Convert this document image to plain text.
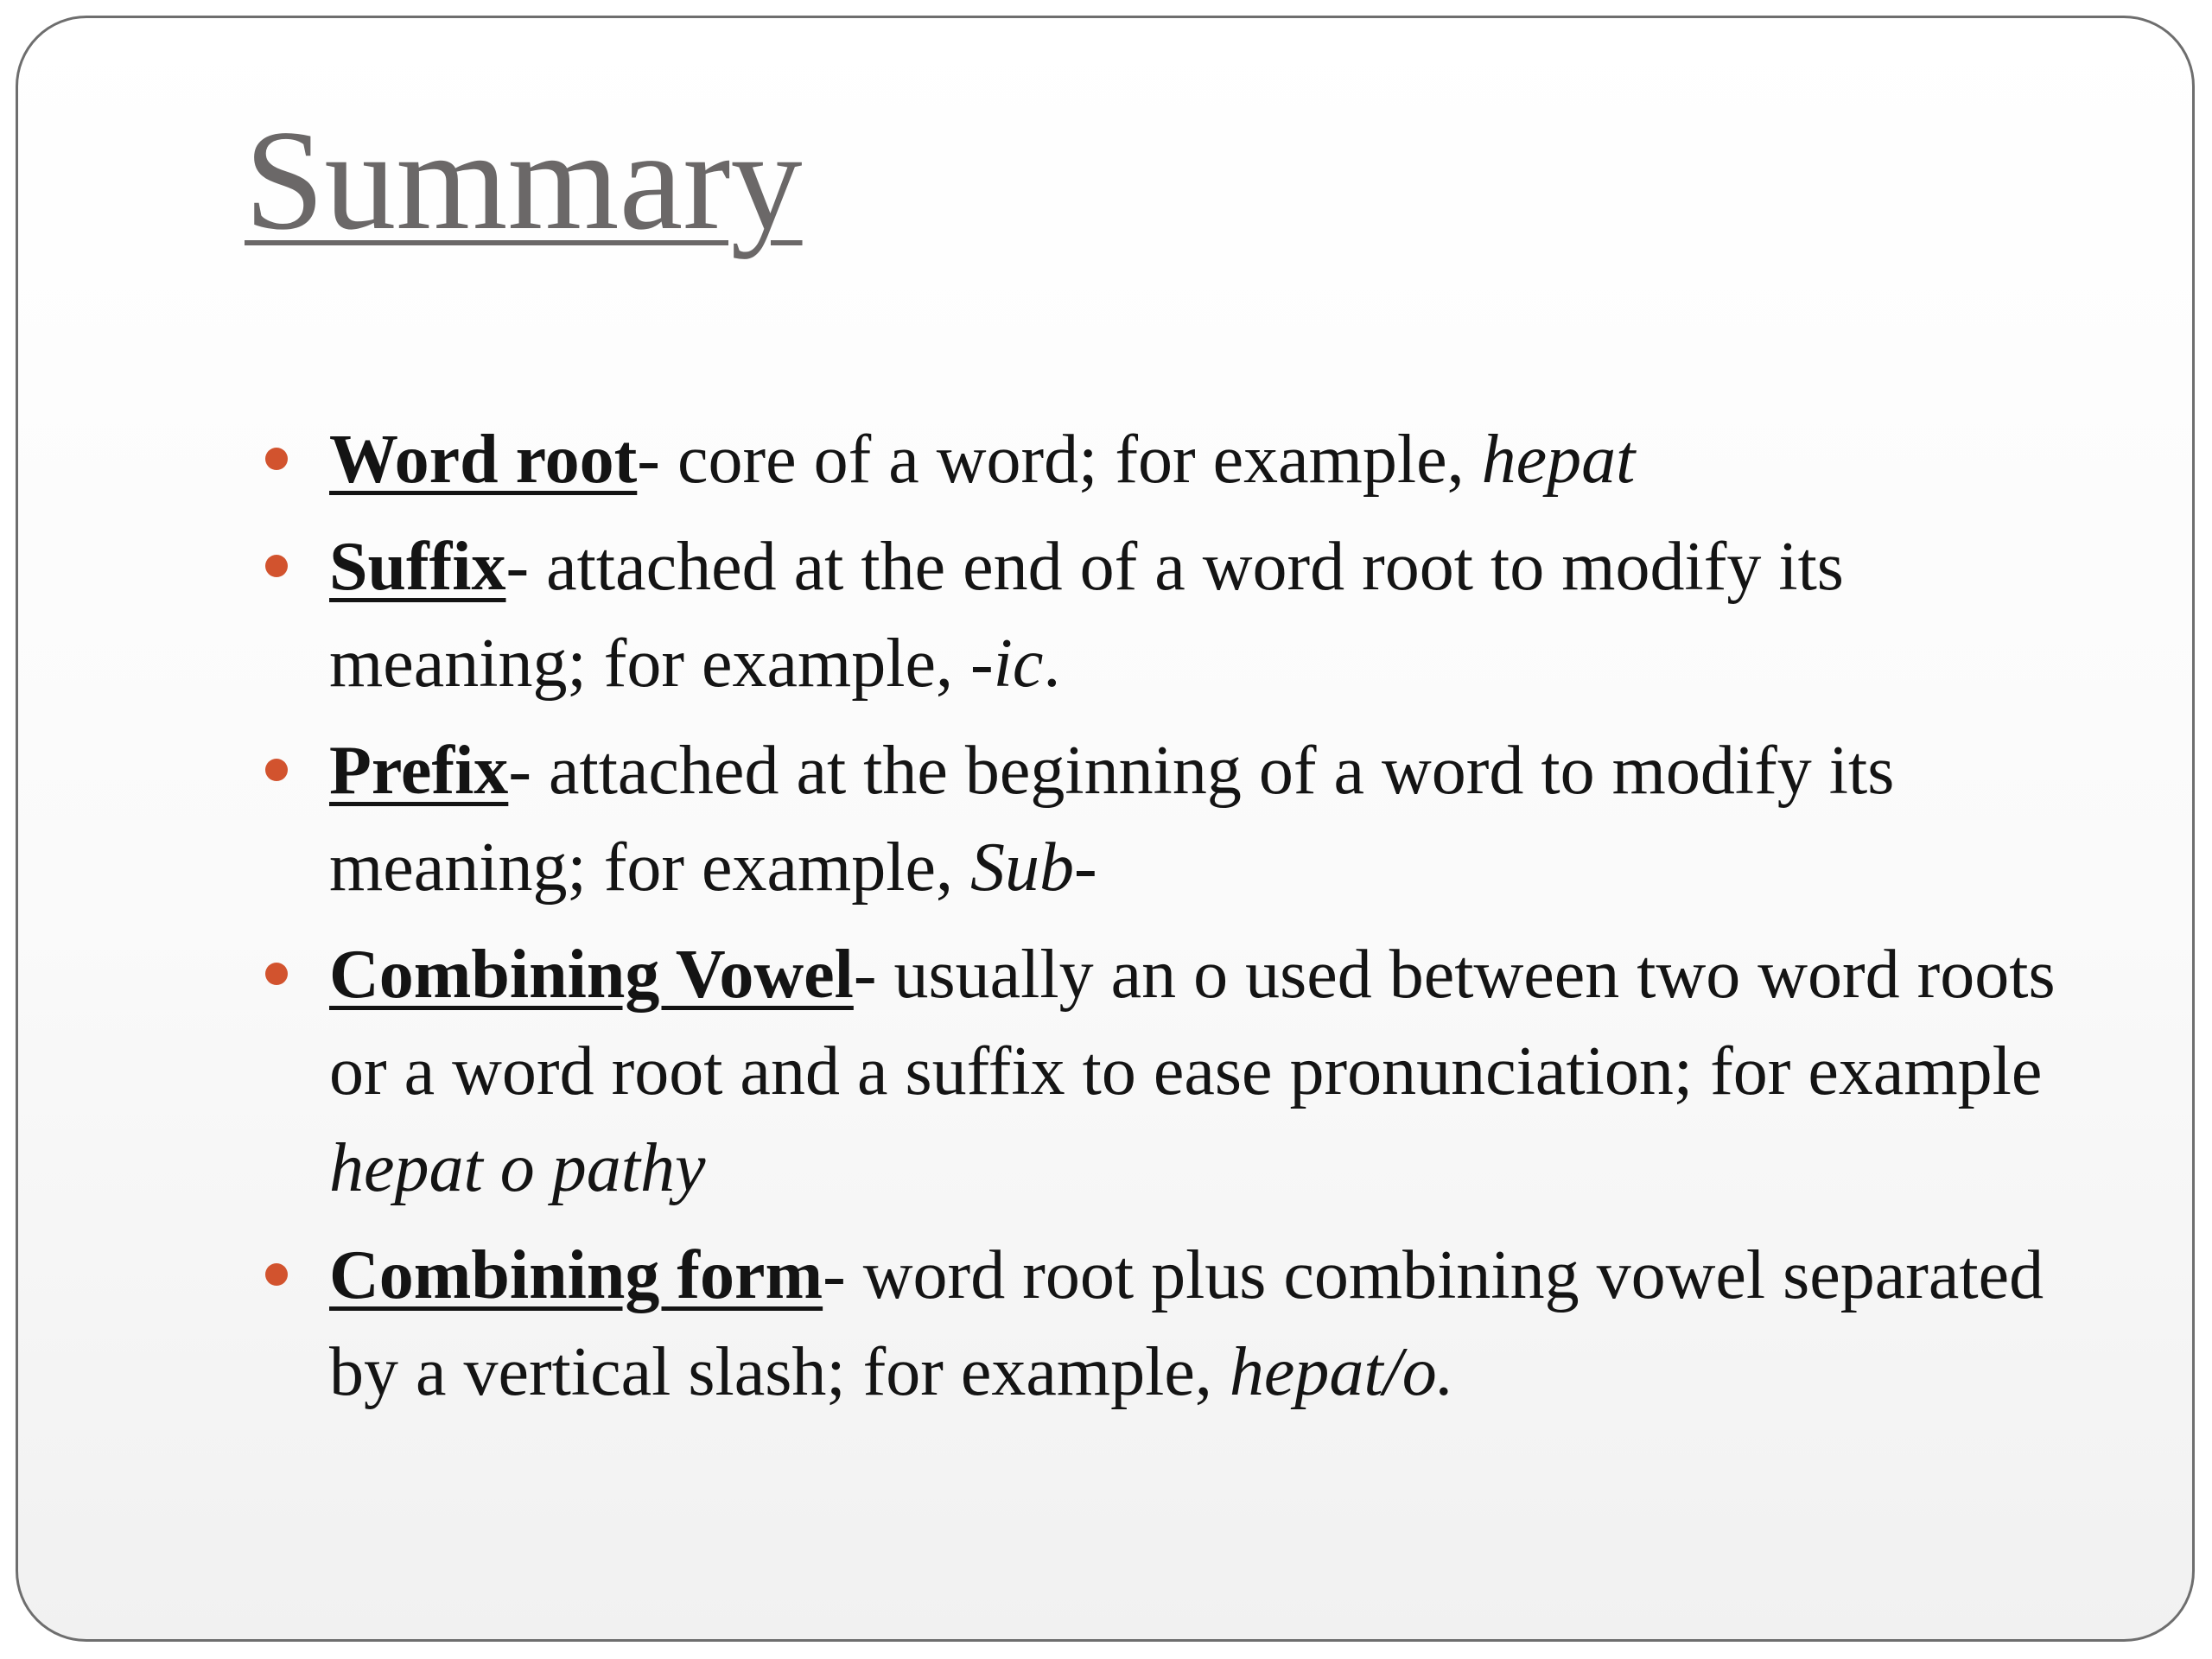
Summary
Word root- core of a word; for example, hepat
Suffix- attached at the end of a word root to modify its meaning; for example, -ic.
Prefix- attached at the beginning of a word to modify its meaning; for example, Sub-
Combining Vowel- usually an o used between two word roots or a word root and a suffix to ease pronunciation; for example hepat o pathy
Combining form- word root plus combining vowel separated by a vertical slash; for example, hepat/o.
